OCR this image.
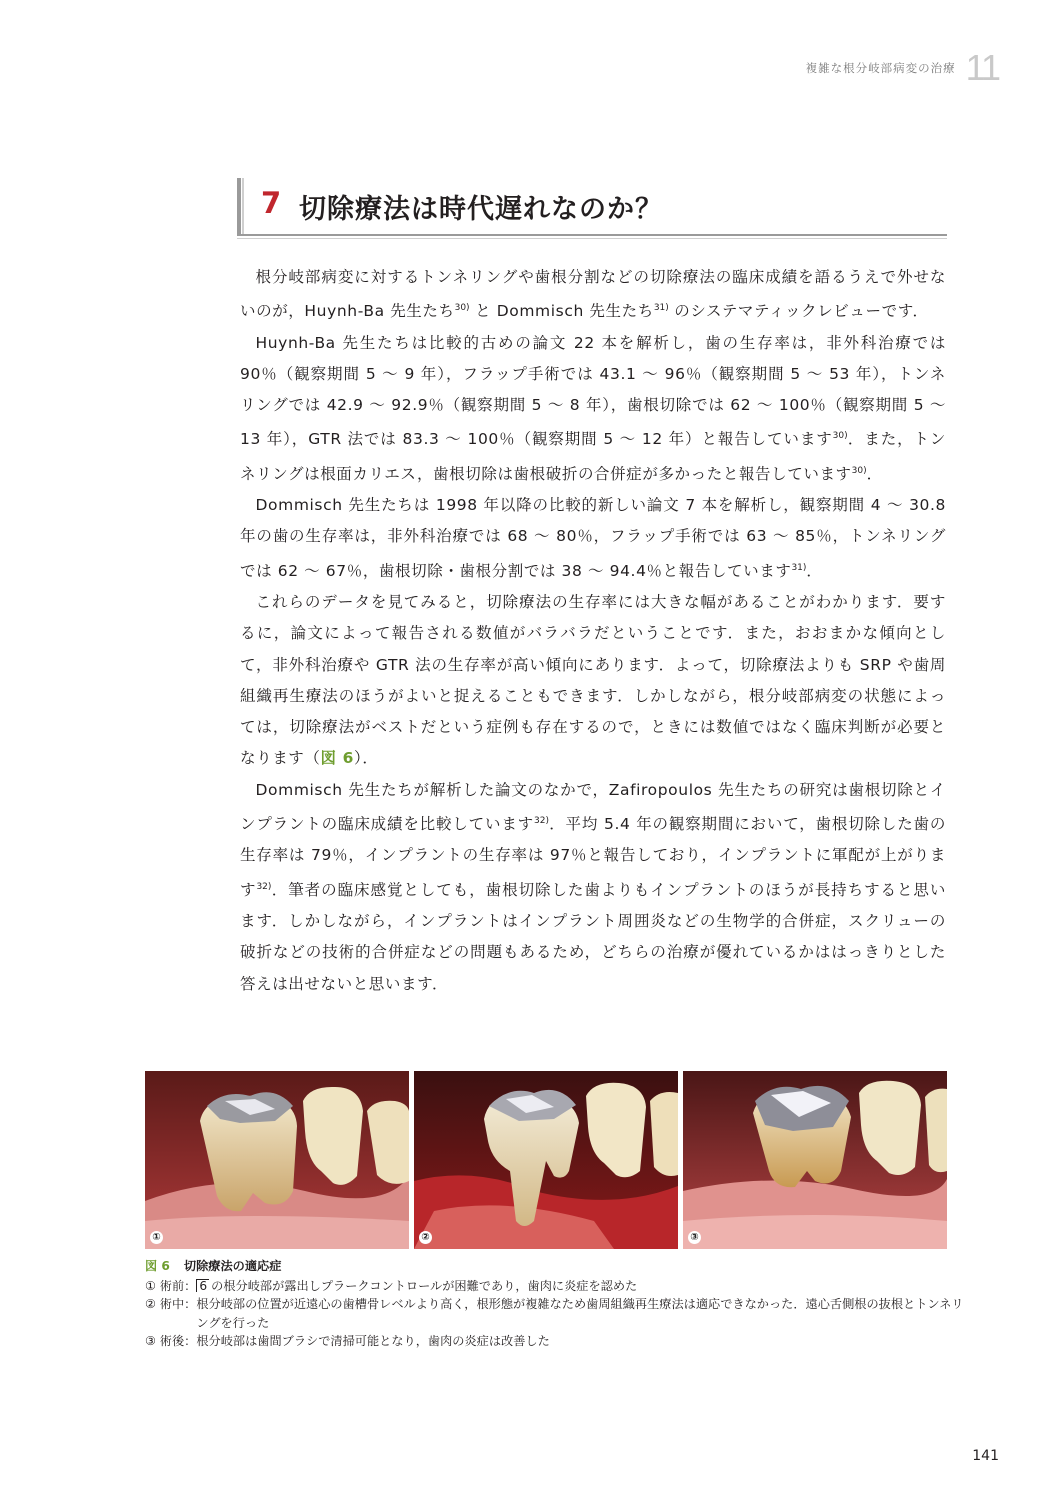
複雑な根分岐部病変の治療 11
7 切除療法は時代遅れなのか？

根分岐部病変に対するトンネリングや歯根分割などの切除療法の臨床成績を語るうえで外せないのが，Huynh-Ba 先生たち$^{30)}$ と Dommisch 先生たち$^{31)}$ のシステマティックレビューです．

Huynh-Ba 先生たちは比較的古めの論文 22 本を解析し，歯の生存率は，非外科治療では 90％（観察期間 5 ～ 9 年），フラップ手術では 43.1 ～ 96％（観察期間 5 ～ 53 年），トンネリングでは 42.9 ～ 92.9％（観察期間 5 ～ 8 年），歯根切除では 62 ～ 100％（観察期間 5 ～ 13 年），GTR 法では 83.3 ～ 100％（観察期間 5 ～ 12 年）と報告しています$^{30)}$．また，トンネリングは根面カリエス，歯根切除は歯根破折の合併症が多かったと報告しています$^{30)}$．

Dommisch 先生たちは 1998 年以降の比較的新しい論文 7 本を解析し，観察期間 4 ～ 30.8 年の歯の生存率は，非外科治療では 68 ～ 80％，フラップ手術では 63 ～ 85％，トンネリングでは 62 ～ 67％，歯根切除・歯根分割では 38 ～ 94.4％と報告しています$^{31)}$．

これらのデータを見てみると，切除療法の生存率には大きな幅があることがわかります．要するに，論文によって報告される数値がバラバラだということです．また，おおまかな傾向として，非外科治療や GTR 法の生存率が高い傾向にあります．よって，切除療法よりも SRP や歯周組織再生療法のほうがよいと捉えることもできます．しかしながら，根分岐部病変の状態によっては，切除療法がベストだという症例も存在するので，ときには数値ではなく臨床判断が必要となります（図 6）．

Dommisch 先生たちが解析した論文のなかで，Zafiropoulos 先生たちの研究は歯根切除とインプラントの臨床成績を比較しています$^{32)}$．平均 5.4 年の観察期間において，歯根切除した歯の生存率は 79％，インプラントの生存率は 97％と報告しており，インプラントに軍配が上がります$^{32)}$．筆者の臨床感覚としても，歯根切除した歯よりもインプラントのほうが長持ちすると思います．しかしながら，インプラントはインプラント周囲炎などの生物学的合併症，スクリューの破折などの技術的合併症などの問題もあるため，どちらの治療が優れているかははっきりとした答えは出せないと思います．

①	②	③
図 6 切除療法の適応症
① 術前： 6 の根分岐部が露出しプラークコントロールが困難であり，歯肉に炎症を認めた
② 術中： 根分岐部の位置が近遠心の歯槽骨レベルより高く，根形態が複雑なため歯周組織再生療法は適応できなかった．遠心舌側根の抜根とトンネリングを行った
③ 術後： 根分岐部は歯間ブラシで清掃可能となり，歯肉の炎症は改善した
141
